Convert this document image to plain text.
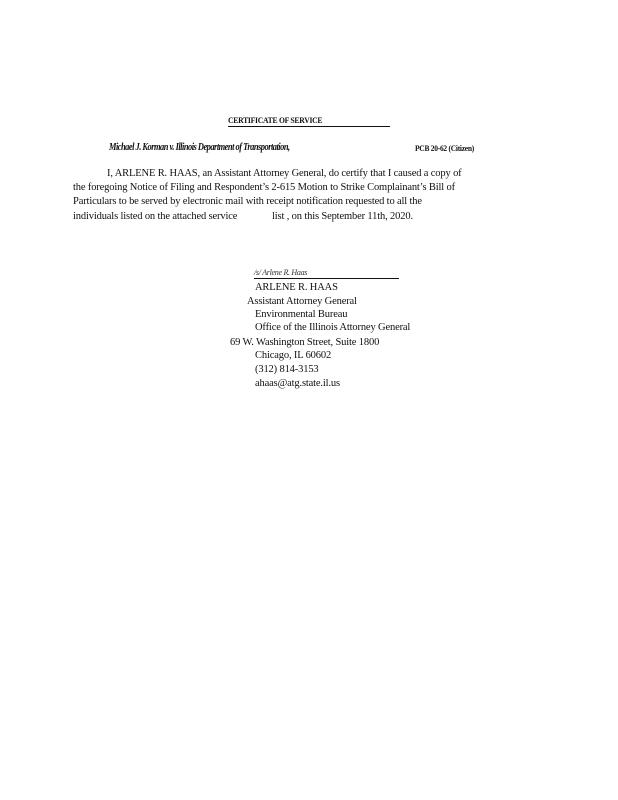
CERTIFICATE OF SERVICE
Michael J. Korman v. Illinois Department of Transportation,	PCB 20-62 (Citizen)
I, ARLENE R. HAAS, an Assistant Attorney General, do certify that I caused a copy of
the foregoing Notice of Filing and Respondent’s 2-615 Motion to Strike Complainant’s Bill of
Particulars to be served by electronic mail with receipt notification requested to all the
individuals listed on the attached service	list , on this September 11th, 2020.
/s/ Arlene R. Haas
ARLENE R. HAAS
Assistant Attorney General
Environmental Bureau
Office of the Illinois Attorney General
69 W. Washington Street, Suite 1800
Chicago, IL 60602
(312) 814-3153
ahaas@atg.state.il.us
